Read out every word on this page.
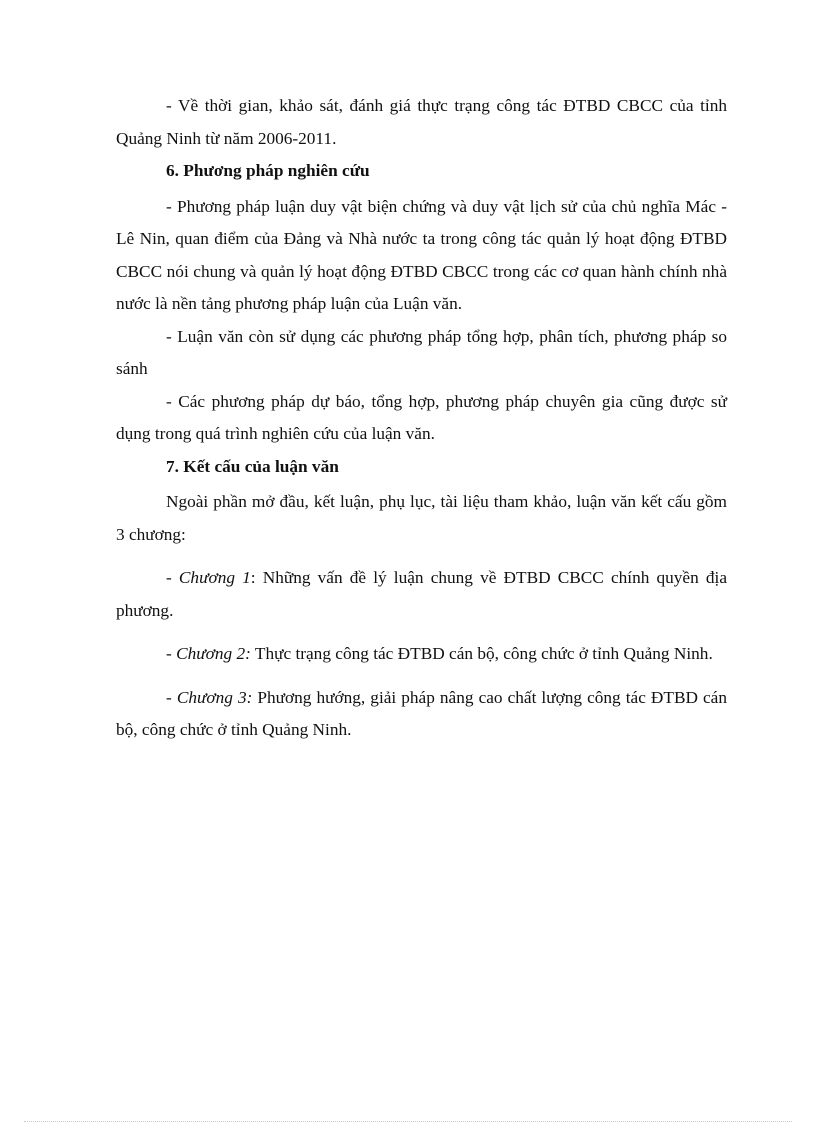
- Về thời gian, khảo sát, đánh giá thực trạng công tác ĐTBD CBCC của tỉnh Quảng Ninh từ năm 2006-2011.

6. Phương pháp nghiên cứu

- Phương pháp luận duy vật biện chứng và duy vật lịch sử của chủ nghĩa Mác - Lê Nin, quan điểm của Đảng và Nhà nước ta trong công tác quản lý hoạt động ĐTBD CBCC nói chung và quản lý hoạt động ĐTBD CBCC trong các cơ quan hành chính nhà nước là nền tảng phương pháp luận của Luận văn.

- Luận văn còn sử dụng các phương pháp tổng hợp, phân tích, phương pháp so sánh

- Các phương pháp dự báo, tổng hợp, phương pháp chuyên gia cũng được sử dụng trong quá trình nghiên cứu của luận văn.

7. Kết cấu của luận văn

Ngoài phần mở đầu, kết luận, phụ lục, tài liệu tham khảo, luận văn kết cấu gồm 3 chương:

- Chương 1: Những vấn đề lý luận chung về ĐTBD CBCC chính quyền địa phương.

- Chương 2: Thực trạng công tác ĐTBD cán bộ, công chức ở tỉnh Quảng Ninh.

- Chương 3: Phương hướng, giải pháp nâng cao chất lượng công tác ĐTBD cán bộ, công chức ở tỉnh Quảng Ninh.
